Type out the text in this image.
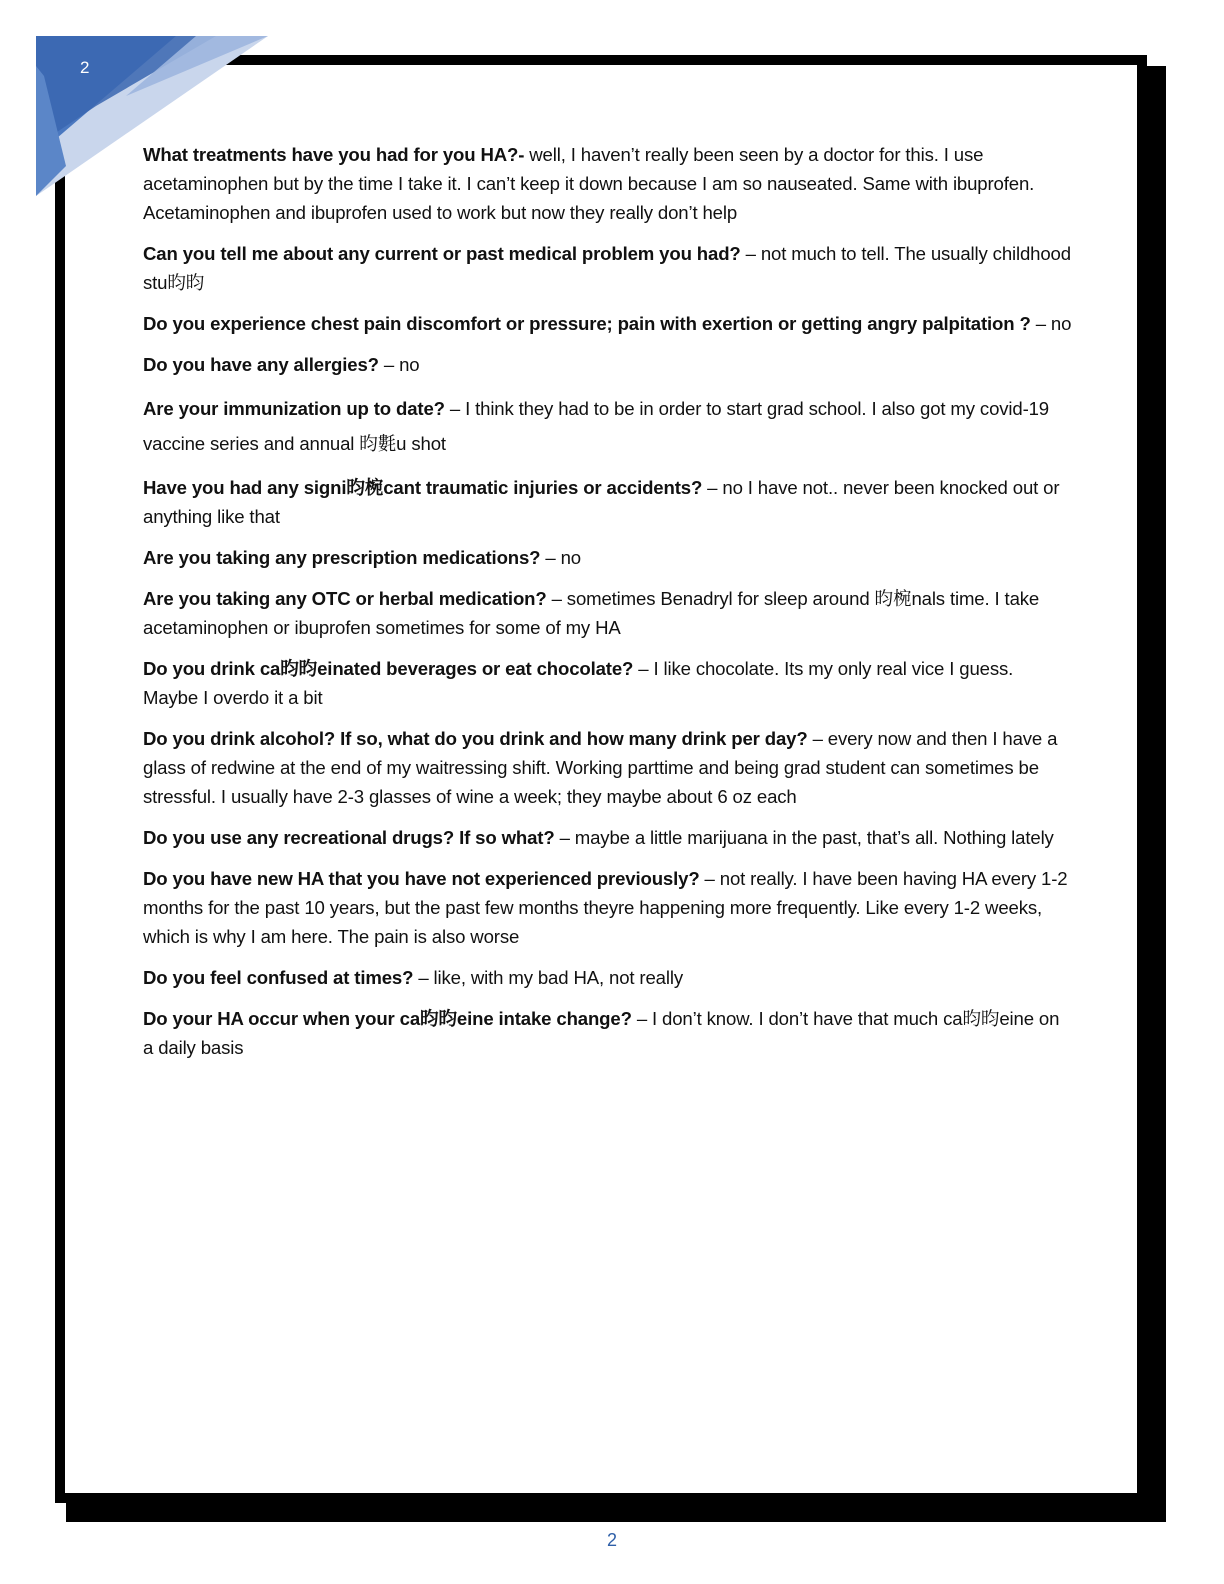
2

What treatments have you had for you HA?- well, I haven’t really been seen by a doctor for this. I use acetaminophen but by the time I take it. I can’t keep it down because I am so nauseated. Same with ibuprofen. Acetaminophen and ibuprofen used to work but now they really don’t help

Can you tell me about any current or past medical problem you had? – not much to tell. The usually childhood stu昀昀

Do you experience chest pain discomfort or pressure; pain with exertion or getting angry palpitation ? – no

Do you have any allergies? – no

Are your immunization up to date? – I think they had to be in order to start grad school. I also got my covid-19 vaccine series and annual 昀氀u shot

Have you had any signi昀椀cant traumatic injuries or accidents? – no I have not.. never been knocked out or anything like that

Are you taking any prescription medications? – no

Are you taking any OTC or herbal medication? – sometimes Benadryl for sleep around 昀椀nals time. I take acetaminophen or ibuprofen sometimes for some of my HA

Do you drink ca昀昀einated beverages or eat chocolate? – I like chocolate. Its my only real vice I guess. Maybe I overdo it a bit

Do you drink alcohol? If so, what do you drink and how many drink per day? – every now and then I have a glass of redwine at the end of my waitressing shift. Working parttime and being grad student can sometimes be stressful. I usually have 2-3 glasses of wine a week; they maybe about 6 oz each

Do you use any recreational drugs? If so what? – maybe a little marijuana in the past, that’s all. Nothing lately

Do you have new HA that you have not experienced previously? – not really. I have been having HA every 1-2 months for the past 10 years, but the past few months theyre happening more frequently. Like every 1-2 weeks, which is why I am here. The pain is also worse

Do you feel confused at times? – like, with my bad HA, not really

Do your HA occur when your ca昀昀eine intake change? – I don’t know. I don’t have that much ca昀昀eine on a daily basis

2
